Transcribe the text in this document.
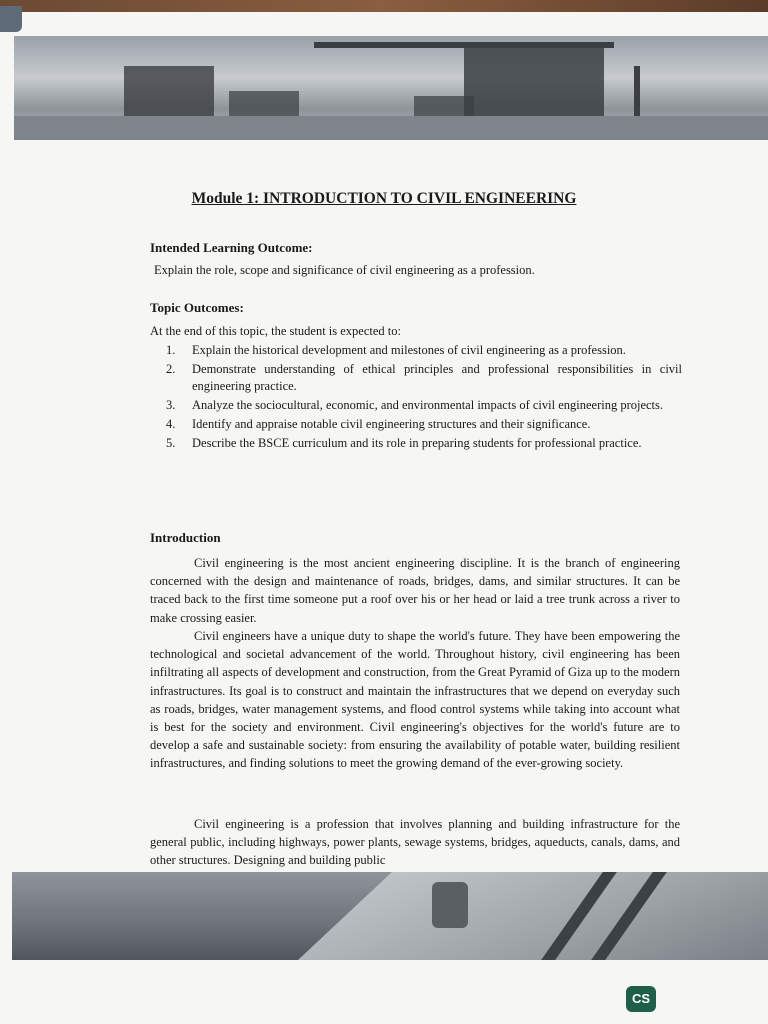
Module 1: INTRODUCTION TO CIVIL ENGINEERING
Intended Learning Outcome:
Explain the role, scope and significance of civil engineering as a profession.
Topic Outcomes:
At the end of this topic, the student is expected to:
1.	Explain the historical development and milestones of civil engineering as a profession.
2.	Demonstrate understanding of ethical principles and professional responsibilities in civil engineering practice.
3.	Analyze the sociocultural, economic, and environmental impacts of civil engineering projects.
4.	Identify and appraise notable civil engineering structures and their significance.
5.	Describe the BSCE curriculum and its role in preparing students for professional practice.
Introduction

Civil engineering is the most ancient engineering discipline. It is the branch of engineering concerned with the design and maintenance of roads, bridges, dams, and similar structures. It can be traced back to the first time someone put a roof over his or her head or laid a tree trunk across a river to make crossing easier.

Civil engineers have a unique duty to shape the world's future. They have been empowering the technological and societal advancement of the world. Throughout history, civil engineering has been infiltrating all aspects of development and construction, from the Great Pyramid of Giza up to the modern infrastructures. Its goal is to construct and maintain the infrastructures that we depend on everyday such as roads, bridges, water management systems, and flood control systems while taking into account what is best for the society and environment. Civil engineering's objectives for the world's future are to develop a safe and sustainable society: from ensuring the availability of potable water, building resilient infrastructures, and finding solutions to meet the growing demand of the ever-growing society.

Civil engineering is a profession that involves planning and building infrastructure for the general public, including highways, power plants, sewage systems, bridges, aqueducts, canals, dams, and other structures. Designing and building public

CS
